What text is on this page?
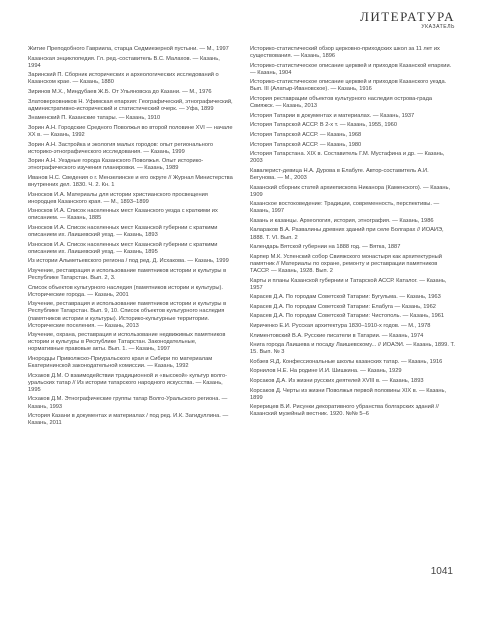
ЛИТЕРАТУРА
УКАЗАТЕЛЬ

Житие Преподобного Гавриила, старца Седмиезерной пустыни. — М., 1997

Казанская энциклопедия. Гл. ред.-составитель В.С. Малахов. — Казань, 1994

Заринский П. Сборник исторических и археологических исследований о Казанском крае. — Казань, 1880

Зиринов М.Х., Миндубаев Ж.Б. От Ульяновска до Казани. — М., 1976

Златоверховников Н. Уфимская епархия: Географический, этнографический, административно-исторический и статистический очерк. — Уфа, 1899

Знаменский П. Казанские татары. — Казань, 1910

Зорин А.Н. Городские Средного Поволжья во второй половине XVI — начале XX в. — Казань, 1992

Зорин А.Н. Застройка и экология малых городов: опыт регионального историко-этнографического исследования. — Казань, 1999

Зорин А.Н. Уездные города Казанского Поволжья. Опыт историко-этнографического изучения планировки. — Казань, 1989

Иванов Н.С. Сведения о г. Мензелинске и его округе // Журнал Министерства внутренних дел. 1830. Ч. 2. Кн. 1

Износков И.А. Материалы для истории христианского просвещения инородцев Казанского края. — М., 1893–1899

Износков И.А. Список населенных мест Казанского уезда с краткими их описанием. — Казань, 1885

Износков И.А. Список населенных мест Казанской губернии с краткими описанием их. Лаишевский уезд. — Казань, 1893

Износков И.А. Список населенных мест Казанской губернии с краткими описанием их. Лаишевский уезд. — Казань, 1895

Из истории Альметьевского региона / под ред. Д. Исхакова. — Казань, 1999

Изучение, реставрация и использование памятников истории и культуры в Республике Татарстан. Вып. 2, 3.

Список объектов культурного наследия (памятников истории и культуры). Исторические города. — Казань, 2001

Изучение, реставрация и использование памятников истории и культуры в Республике Татарстан. Вып. 9, 10. Список объектов культурного наследия (памятников истории и культуры). Историко-культурные территории. Исторические поселения. — Казань, 2013

Изучение, охрана, реставрация и использование недвижимых памятников истории и культуры в Республике Татарстан. Законодательные, нормативные правовые акты. Вып. 1. — Казань, 1997

Инородцы Приволжско-Приуральского края и Сибири по материалам Екатерининской законодательной комиссии. — Казань, 1992

Исхаков Д.М. О взаимодействии традиционной и «высокой» культур волго-уральских татар // Из истории татарского народного искусства. — Казань, 1995

Исхаков Д.М. Этнографические группы татар Волго-Уральского региона. — Казань, 1993

История Казани в документах и материалах / под ред. И.К. Загидуллина. — Казань, 2011

Историко-статистический обзор церковно-приходских школ за 11 лет их существования. — Казань, 1896

Историко-статистическое описание церквей и приходов Казанской епархии. — Казань, 1904

Историко-статистическое описание церквей и приходов Казанского уезда. Вып. III (Алатыр-Ивановское). — Казань, 1916

История реставрации объектов культурного наследия острова-града Свияжск. — Казань, 2013

История Татарии в документах и материалах. — Казань, 1937

История Татарской АССР. В 2-х т. — Казань, 1955, 1960

История Татарской АССР. — Казань, 1968

История Татарской АССР. — Казань, 1980

История Татарстана. XIX в. Составитель Г.М. Мустафина и др. — Казань, 2003

Кавалерист-девица Н.А. Дурова в Елабуге. Автор-составитель А.И. Бегунова. — М., 2003

Казанский сборник статей архиепископа Никанора (Каменского). — Казань, 1909

Казанское востоковедение: Традиции, современность, перспективы. — Казань, 1997

Казань и казанцы. Археология, история, этнография. — Казань, 1986

Калараков В.А. Развалины древних зданий при селе Болгарах // ИОАИЭ, 1888. Т. VI. Вып. 2

Календарь Вятской губернии на 1888 год. — Вятка, 1887

Карпер М.К. Успенский собор Свияжского монастыря как архитектурный памятник // Материалы по охране, ремонту и реставрации памятников ТАССР. — Казань, 1928. Вып. 2

Карты и планы Казанской губернии и Татарской АССР. Каталог. — Казань, 1957

Карасев Д.А. По городам Советской Татарии: Бугульма. — Казань, 1963

Карасев Д.А. По городам Советской Татарии: Елабуга — Казань, 1962

Карасев Д.А. По городам Советской Татарии: Чистополь. — Казань, 1961

Кириченко Е.И. Русская архитектура 1830–1910-х годов. — М., 1978

Климентовский В.А. Русские писатели в Татарии. — Казань, 1974

Книга города Лаишева и посаду Лаишевскому... // ИОАЭИ. — Казань, 1899. Т. 15. Вып. № 3

Кобзев Я.Д. Конфессиональные школы казанских татар. — Казань, 1916

Корнилов Н.Е. На родине И.И. Шишкина. — Казань, 1929

Корсаков Д.А. Из жизни русских деятелей XVIII в. — Казань, 1893

Корсаков Д. Черты из жизни Поволжья первой половины XIX в. — Казань, 1899

Керерицев В.И. Рисунки декоративного убранства болгарских зданий // Казанский музейный вестник. 1920. №№ 5–6

1041
